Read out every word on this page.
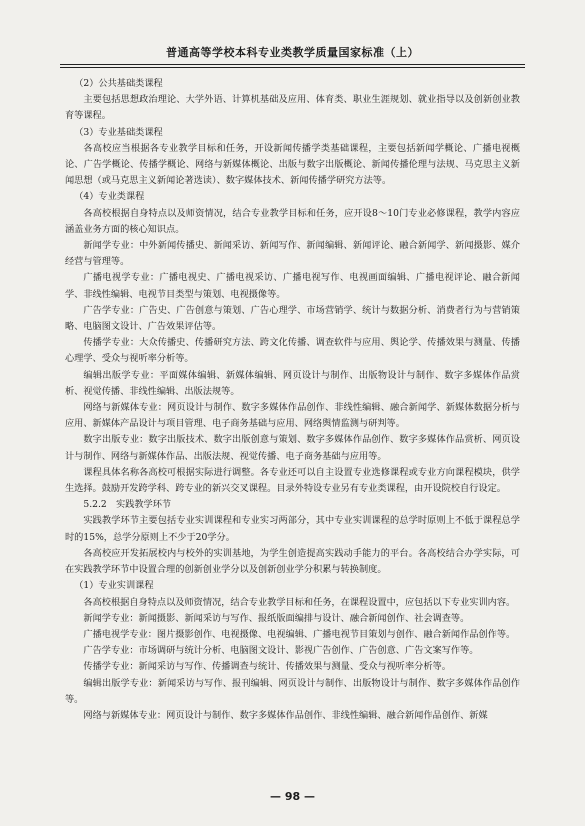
普通高等学校本科专业类教学质量国家标准（上）

（2）公共基础类课程

主要包括思想政治理论、大学外语、计算机基础及应用、体育类、职业生涯规划、就业指导以及创新创业教育等课程。

（3）专业基础类课程

各高校应当根据各专业教学目标和任务，开设新闻传播学类基础课程，主要包括新闻学概论、广播电视概论、广告学概论、传播学概论、网络与新媒体概论、出版与数字出版概论、新闻传播伦理与法规、马克思主义新闻思想（或马克思主义新闻论著选读）、数字媒体技术、新闻传播学研究方法等。

（4）专业类课程

各高校根据自身特点以及师资情况，结合专业教学目标和任务，应开设8～10门专业必修课程，教学内容应涵盖业务方面的核心知识点。

新闻学专业：中外新闻传播史、新闻采访、新闻写作、新闻编辑、新闻评论、融合新闻学、新闻摄影、媒介经营与管理等。

广播电视学专业：广播电视史、广播电视采访、广播电视写作、电视画面编辑、广播电视评论、融合新闻学、非线性编辑、电视节目类型与策划、电视摄像等。

广告学专业：广告史、广告创意与策划、广告心理学、市场营销学、统计与数据分析、消费者行为与营销策略、电脑图文设计、广告效果评估等。

传播学专业：大众传播史、传播研究方法、跨文化传播、调查软件与应用、舆论学、传播效果与测量、传播心理学、受众与视听率分析等。

编辑出版学专业：平面媒体编辑、新媒体编辑、网页设计与制作、出版物设计与制作、数字多媒体作品赏析、视觉传播、非线性编辑、出版法规等。

网络与新媒体专业：网页设计与制作、数字多媒体作品创作、非线性编辑、融合新闻学、新媒体数据分析与应用、新媒体产品设计与项目管理、电子商务基础与应用、网络舆情监测与研判等。

数字出版专业：数字出版技术、数字出版创意与策划、数字多媒体作品创作、数字多媒体作品赏析、网页设计与制作、网络与新媒体作品、出版法规、视觉传播、电子商务基础与应用等。

课程具体名称各高校可根据实际进行调整。各专业还可以自主设置专业选修课程或专业方向课程模块，供学生选择。鼓励开发跨学科、跨专业的新兴交叉课程。目录外特设专业另有专业类课程，由开设院校自行设定。

5.2.2　实践教学环节

实践教学环节主要包括专业实训课程和专业实习两部分，其中专业实训课程的总学时原则上不低于课程总学时的15%，总学分原则上不少于20学分。

各高校应开发拓展校内与校外的实训基地，为学生创造提高实践动手能力的平台。各高校结合办学实际，可在实践教学环节中设置合理的创新创业学分以及创新创业学分积累与转换制度。

（1）专业实训课程

各高校根据自身特点以及师资情况，结合专业教学目标和任务，在课程设置中，应包括以下专业实训内容。

新闻学专业：新闻摄影、新闻采访与写作、报纸版面编排与设计、融合新闻创作、社会调查等。

广播电视学专业：图片摄影创作、电视摄像、电视编辑、广播电视节目策划与创作、融合新闻作品创作等。

广告学专业：市场调研与统计分析、电脑图文设计、影视广告创作、广告创意、广告文案写作等。

传播学专业：新闻采访与写作、传播调查与统计、传播效果与测量、受众与视听率分析等。

编辑出版学专业：新闻采访与写作、报刊编辑、网页设计与制作、出版物设计与制作、数字多媒体作品创作等。

网络与新媒体专业：网页设计与制作、数字多媒体作品创作、非线性编辑、融合新闻作品创作、新媒

— 98 —
